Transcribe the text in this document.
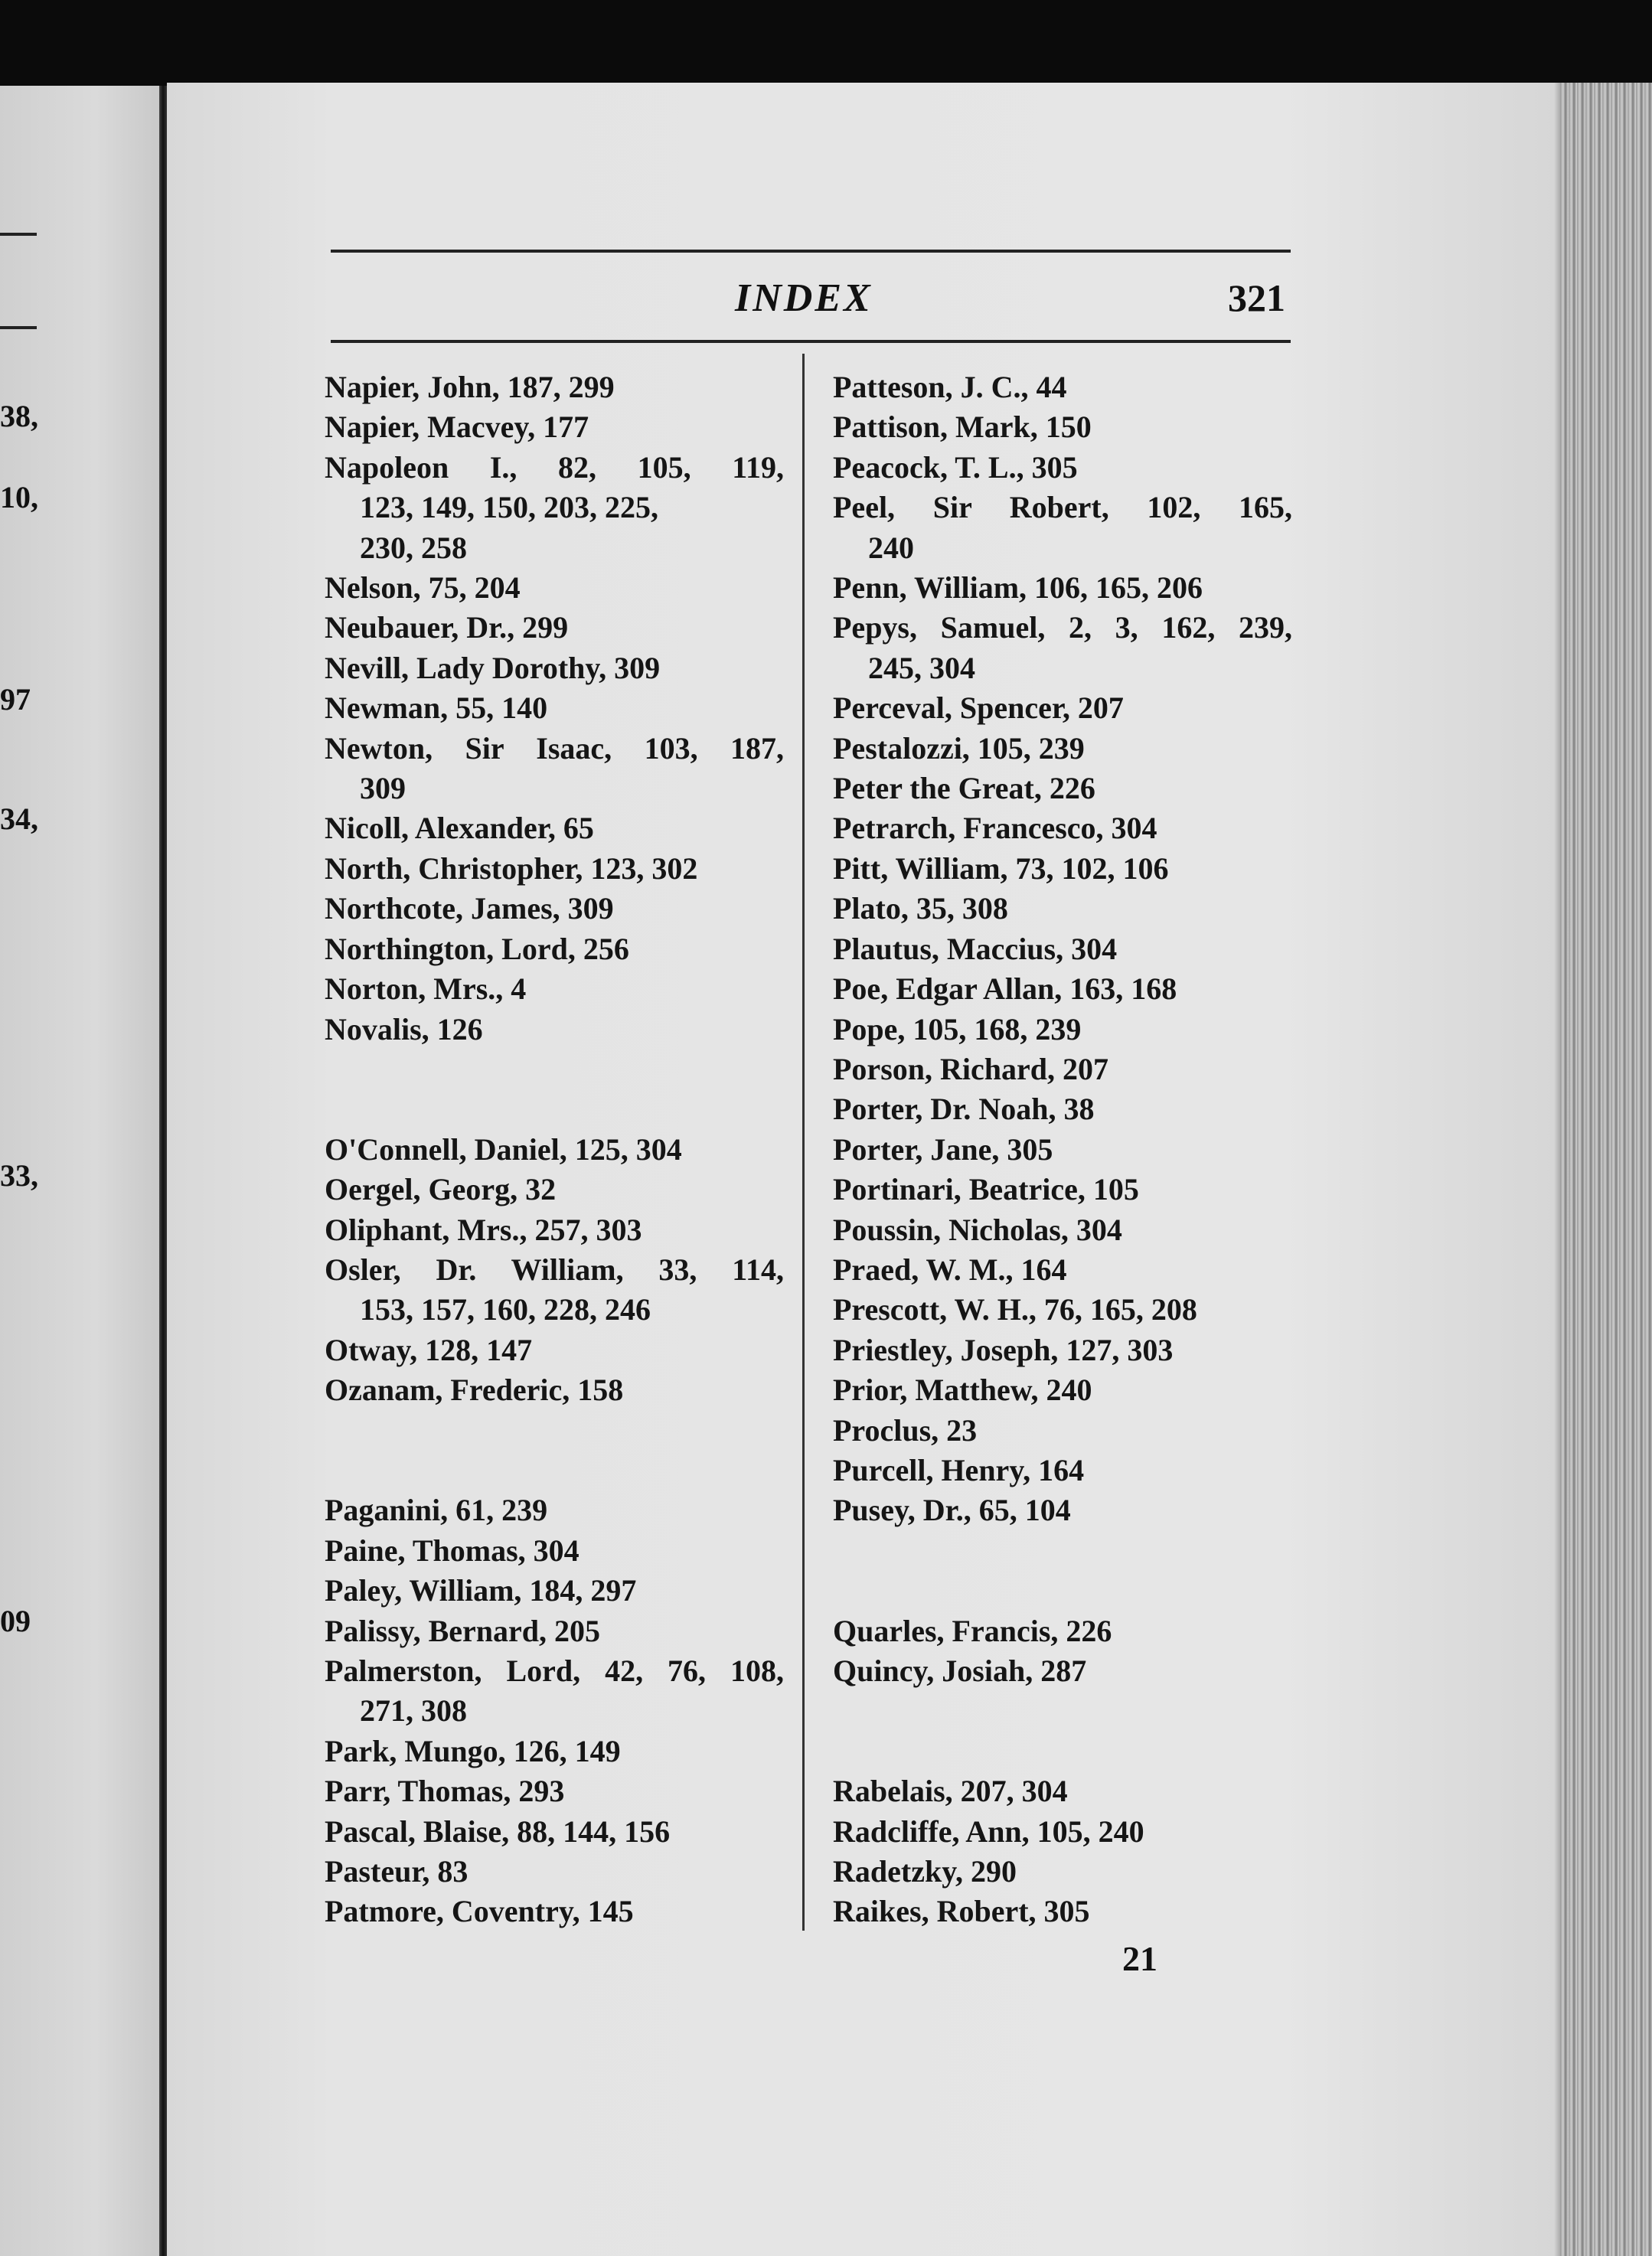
38,
10,
97
34,
33,
09
INDEX	321
Napier, John, 187, 299
Napier, Macvey, 177
Napoleon I., 82, 105, 119,
123, 149, 150, 203, 225,
230, 258
Nelson, 75, 204
Neubauer, Dr., 299
Nevill, Lady Dorothy, 309
Newman, 55, 140
Newton, Sir Isaac, 103, 187,
309
Nicoll, Alexander, 65
North, Christopher, 123, 302
Northcote, James, 309
Northington, Lord, 256
Norton, Mrs., 4
Novalis, 126
O'Connell, Daniel, 125, 304
Oergel, Georg, 32
Oliphant, Mrs., 257, 303
Osler, Dr. William, 33, 114,
153, 157, 160, 228, 246
Otway, 128, 147
Ozanam, Frederic, 158
Paganini, 61, 239
Paine, Thomas, 304
Paley, William, 184, 297
Palissy, Bernard, 205
Palmerston, Lord, 42, 76, 108,
271, 308
Park, Mungo, 126, 149
Parr, Thomas, 293
Pascal, Blaise, 88, 144, 156
Pasteur, 83
Patmore, Coventry, 145
Patteson, J. C., 44
Pattison, Mark, 150
Peacock, T. L., 305
Peel, Sir Robert, 102, 165,
240
Penn, William, 106, 165, 206
Pepys, Samuel, 2, 3, 162, 239,
245, 304
Perceval, Spencer, 207
Pestalozzi, 105, 239
Peter the Great, 226
Petrarch, Francesco, 304
Pitt, William, 73, 102, 106
Plato, 35, 308
Plautus, Maccius, 304
Poe, Edgar Allan, 163, 168
Pope, 105, 168, 239
Porson, Richard, 207
Porter, Dr. Noah, 38
Porter, Jane, 305
Portinari, Beatrice, 105
Poussin, Nicholas, 304
Praed, W. M., 164
Prescott, W. H., 76, 165, 208
Priestley, Joseph, 127, 303
Prior, Matthew, 240
Proclus, 23
Purcell, Henry, 164
Pusey, Dr., 65, 104
Quarles, Francis, 226
Quincy, Josiah, 287
Rabelais, 207, 304
Radcliffe, Ann, 105, 240
Radetzky, 290
Raikes, Robert, 305
21
